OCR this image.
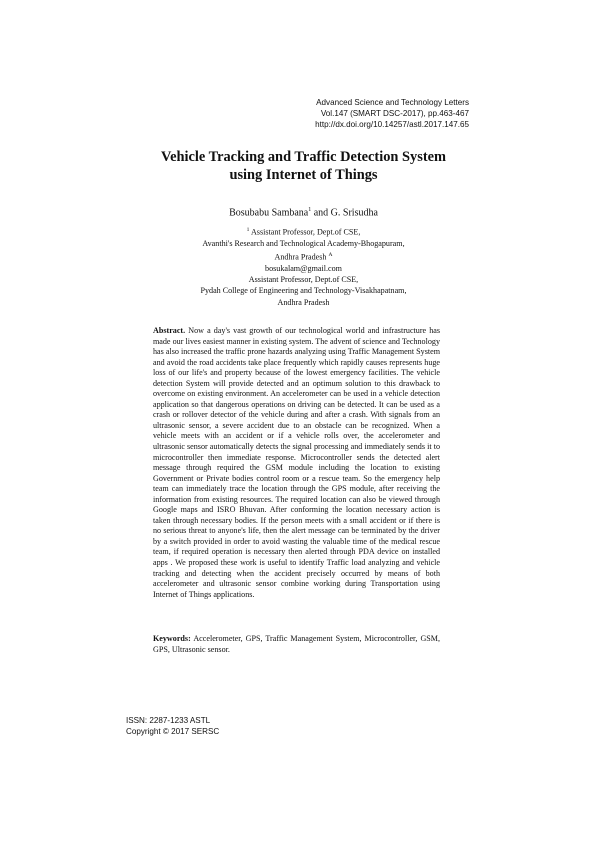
Advanced Science and Technology Letters
Vol.147 (SMART DSC-2017), pp.463-467
http://dx.doi.org/10.14257/astl.2017.147.65
Vehicle Tracking and Traffic Detection System
using Internet of Things
Bosubabu Sambana$^1$ and G. Srisudha
$^1$ Assistant Professor, Dept.of CSE,
Avanthi's Research and Technological Academy-Bhogapuram,
Andhra Pradesh $^A$
bosukalam@gmail.com
Assistant Professor, Dept.of CSE,
Pydah College of Engineering and Technology-Visakhapatnam,
Andhra Pradesh
Abstract. Now a day's vast growth of our technological world and infrastructure has made our lives easiest manner in existing system. The advent of science and Technology has also increased the traffic prone hazards analyzing using Traffic Management System and avoid the road accidents take place frequently which rapidly causes represents huge loss of our life's and property because of the lowest emergency facilities. The vehicle detection System will provide detected and an optimum solution to this drawback to overcome on existing environment. An accelerometer can be used in a vehicle detection application so that dangerous operations on driving can be detected. It can be used as a crash or rollover detector of the vehicle during and after a crash. With signals from an ultrasonic sensor, a severe accident due to an obstacle can be recognized. When a vehicle meets with an accident or if a vehicle rolls over, the accelerometer and ultrasonic sensor automatically detects the signal processing and immediately sends it to microcontroller then immediate response. Microcontroller sends the detected alert message through required the GSM module including the location to existing Government or Private bodies control room or a rescue team. So the emergency help team can immediately trace the location through the GPS module, after receiving the information from existing resources. The required location can also be viewed through Google maps and ISRO Bhuvan. After conforming the location necessary action is taken through necessary bodies. If the person meets with a small accident or if there is no serious threat to anyone's life, then the alert message can be terminated by the driver by a switch provided in order to avoid wasting the valuable time of the medical rescue team, if required operation is necessary then alerted through PDA device on installed apps . We proposed these work is useful to identify Traffic load analyzing and vehicle tracking and detecting when the accident precisely occurred by means of both accelerometer and ultrasonic sensor combine working during Transportation using Internet of Things applications.
Keywords: Accelerometer, GPS, Traffic Management System, Microcontroller, GSM, GPS, Ultrasonic sensor.
ISSN: 2287-1233 ASTL
Copyright © 2017 SERSC
